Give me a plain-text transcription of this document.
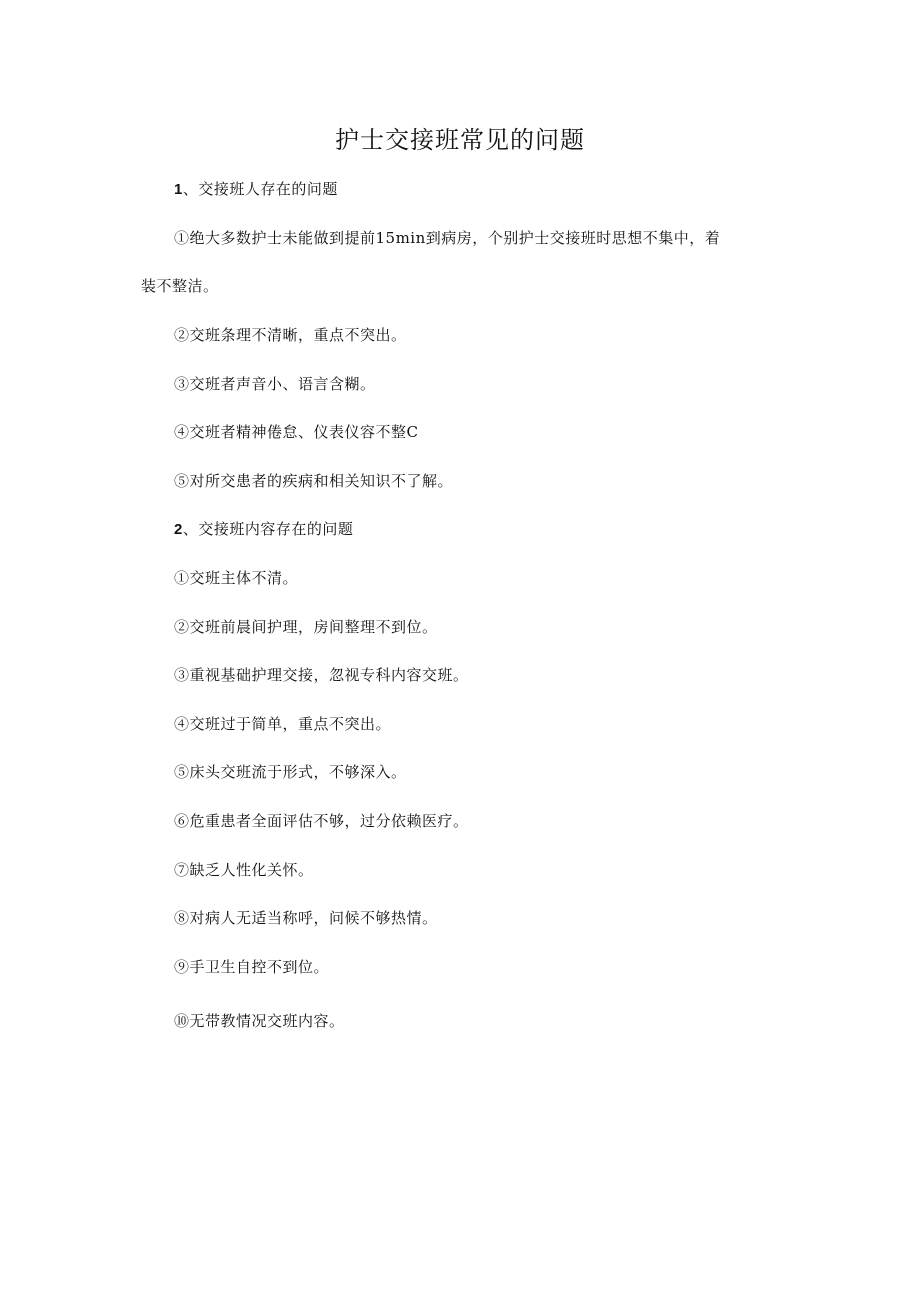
护士交接班常见的问题
1、交接班人存在的问题
①绝大多数护士未能做到提前15min到病房，个别护士交接班时思想不集中，着
装不整洁。
②交班条理不清晰，重点不突出。
③交班者声音小、语言含糊。
④交班者精神倦怠、仪表仪容不整C
⑤对所交患者的疾病和相关知识不了解。
2、交接班内容存在的问题
①交班主体不清。
②交班前晨间护理，房间整理不到位。
③重视基础护理交接，忽视专科内容交班。
④交班过于简单，重点不突出。
⑤床头交班流于形式，不够深入。
⑥危重患者全面评估不够，过分依赖医疗。
⑦缺乏人性化关怀。
⑧对病人无适当称呼，问候不够热情。
⑨手卫生自控不到位。
⑩无带教情况交班内容。
